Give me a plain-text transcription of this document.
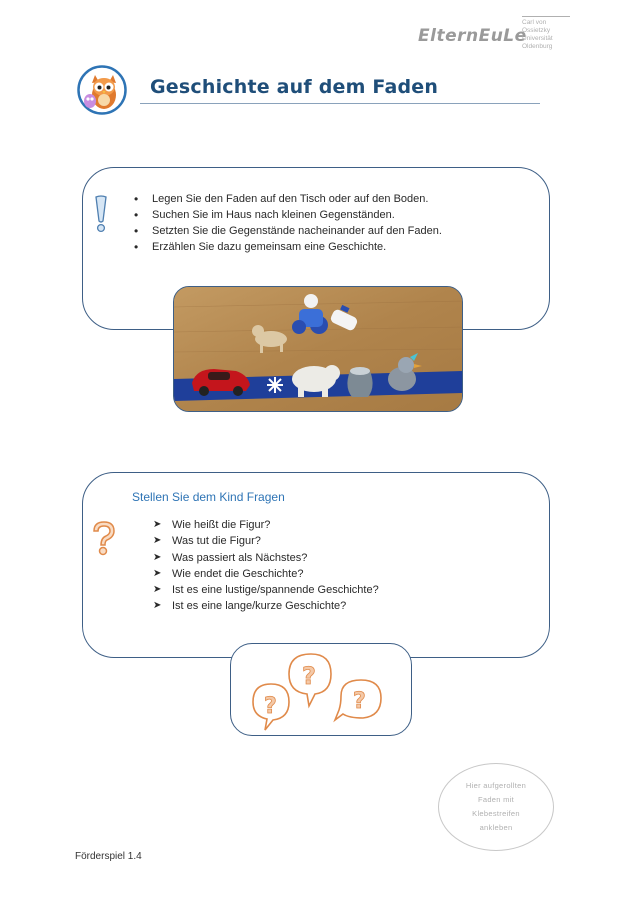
ElternEuLe
Carl von Ossietzky
Universität
Oldenburg
Geschichte auf dem Faden
• Legen Sie den Faden auf den Tisch oder auf den Boden.
• Suchen Sie im Haus nach kleinen Gegenständen.
• Setzten Sie die Gegenstände nacheinander auf den Faden.
• Erzählen Sie dazu gemeinsam eine Geschichte.
Stellen Sie dem Kind Fragen
➤ Wie heißt die Figur?
➤ Was tut die Figur?
➤ Was passiert als Nächstes?
➤ Wie endet die Geschichte?
➤ Ist es eine lustige/spannende Geschichte?
➤ Ist es eine lange/kurze Geschichte?
?
?
?
Hier aufgerollten Faden mit Klebestreifen ankleben
Förderspiel 1.4
